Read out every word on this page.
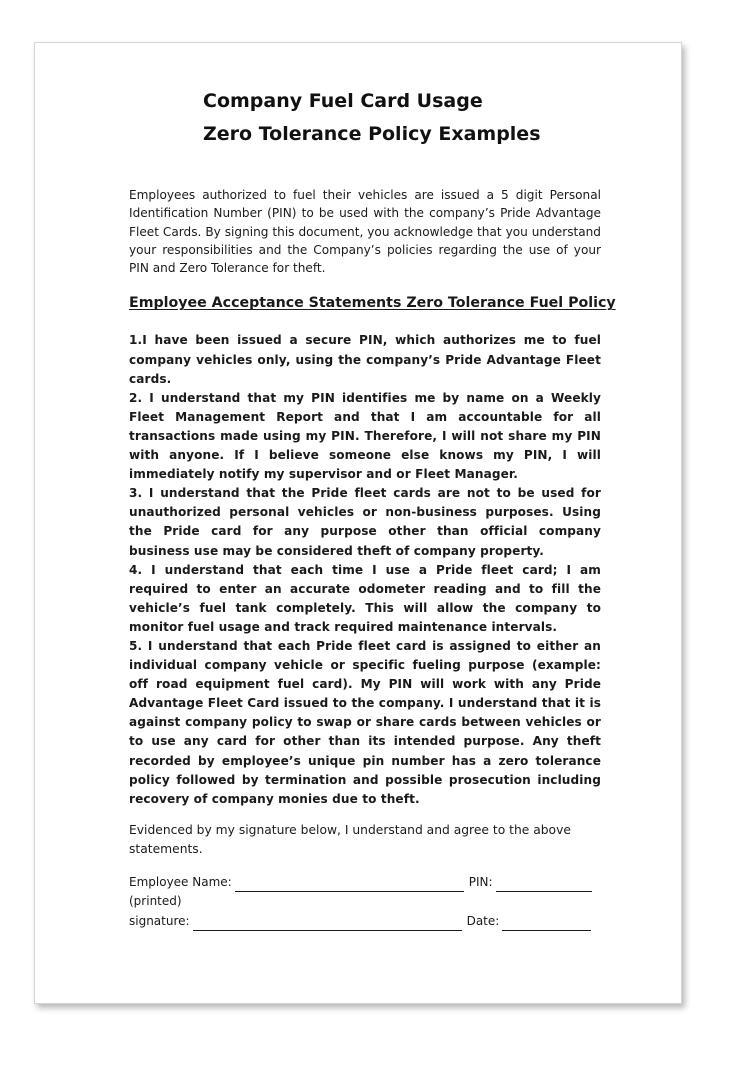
Company Fuel Card Usage
Zero Tolerance Policy Examples

Employees authorized to fuel their vehicles are issued a 5 digit Personal Identification Number (PIN) to be used with the company’s Pride Advantage Fleet Cards. By signing this document, you acknowledge that you understand your responsibilities and the Company’s policies regarding the use of your PIN and Zero Tolerance for theft.

Employee Acceptance Statements Zero Tolerance Fuel Policy

1.I have been issued a secure PIN, which authorizes me to fuel company vehicles only, using the company’s Pride Advantage Fleet cards.

2. I understand that my PIN identifies me by name on a Weekly Fleet Management Report and that I am accountable for all transactions made using my PIN. Therefore, I will not share my PIN with anyone. If I believe someone else knows my PIN, I will immediately notify my supervisor and or Fleet Manager.

3. I understand that the Pride fleet cards are not to be used for unauthorized personal vehicles or non-business purposes. Using the Pride card for any purpose other than official company business use may be considered theft of company property.

4. I understand that each time I use a Pride fleet card; I am required to enter an accurate odometer reading and to fill the vehicle’s fuel tank completely. This will allow the company to monitor fuel usage and track required maintenance intervals.

5. I understand that each Pride fleet card is assigned to either an individual company vehicle or specific fueling purpose (example: off road equipment fuel card). My PIN will work with any Pride Advantage Fleet Card issued to the company. I understand that it is against company policy to swap or share cards between vehicles or to use any card for other than its intended purpose. Any theft recorded by employee’s unique pin number has a zero tolerance policy followed by termination and possible prosecution including recovery of company monies due to theft.

Evidenced by my signature below, I understand and agree to the above statements.

Employee Name:	PIN:
(printed)
signature:	Date:
